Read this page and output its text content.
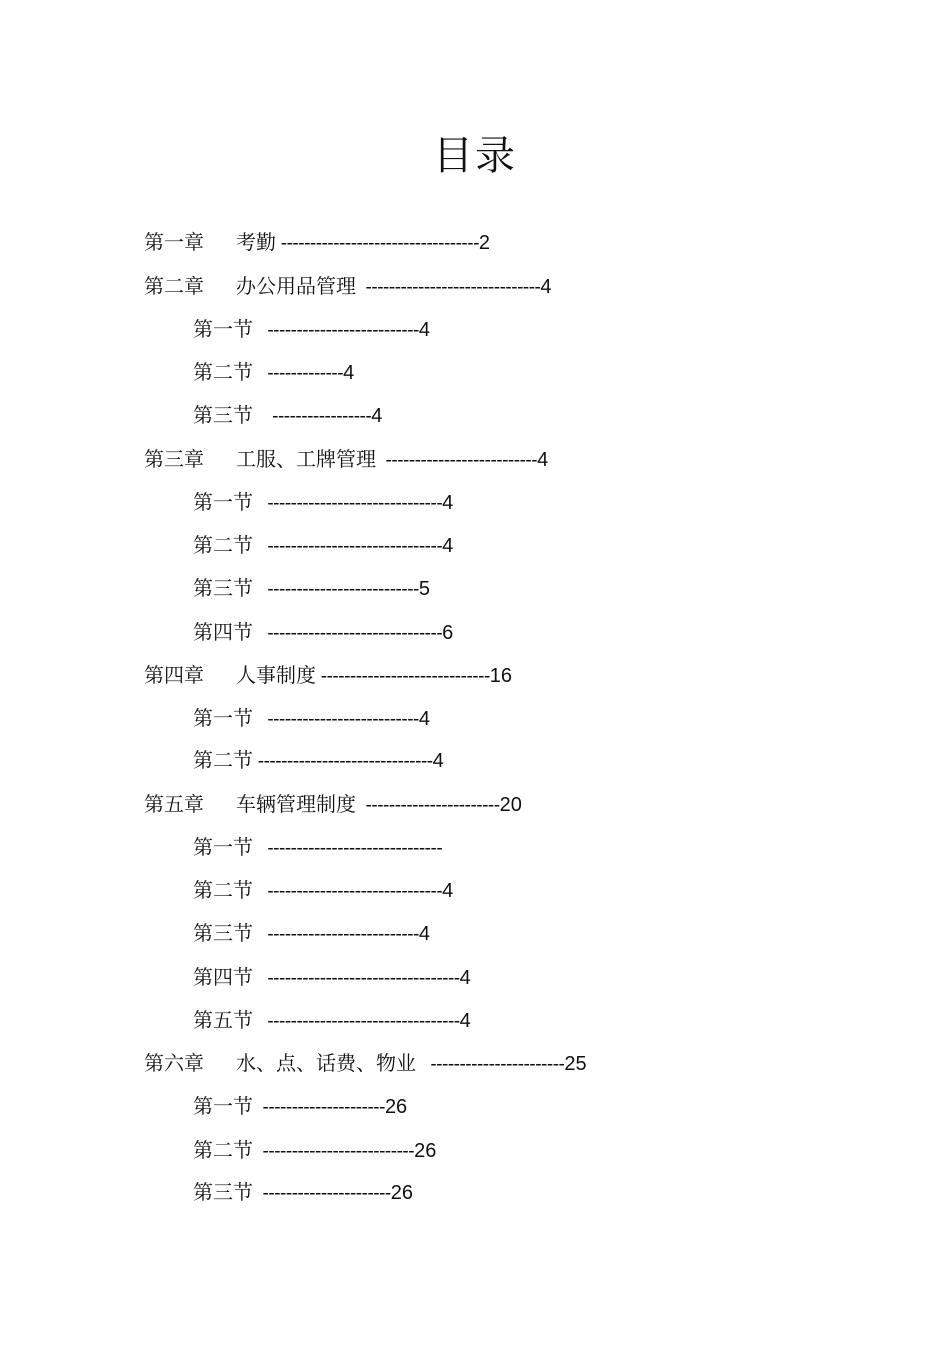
目录
第一章 考勤 ----------------------------------2
第二章 办公用品管理  ------------------------------4
第一节   --------------------------4
第二节   -------------4
第三节    -----------------4
第三章 工服、工牌管理  --------------------------4
第一节   ------------------------------4
第二节   ------------------------------4
第三节   --------------------------5
第四节   ------------------------------6
第四章 人事制度 -----------------------------16
第一节   --------------------------4
第二节 ------------------------------4
第五章 车辆管理制度  -----------------------20
第一节   ------------------------------
第二节   ------------------------------4
第三节   --------------------------4
第四节   ---------------------------------4
第五节   ---------------------------------4
第六章 水、点、话费、物业   -----------------------25
第一节  ---------------------26
第二节  --------------------------26
第三节  ----------------------26
